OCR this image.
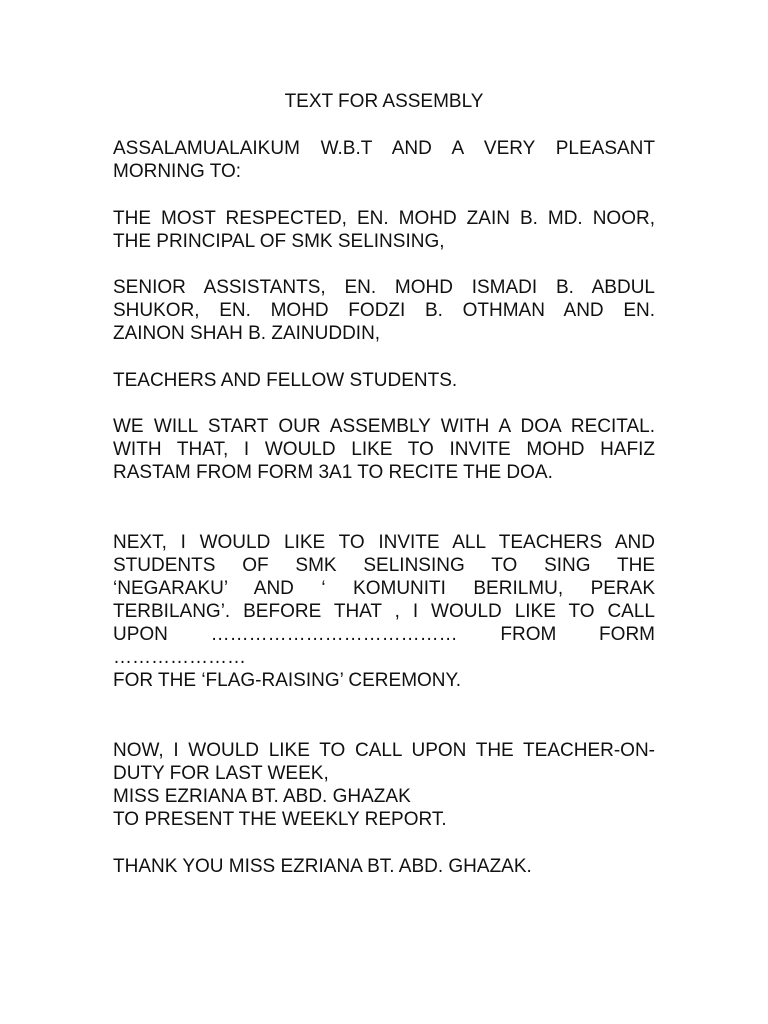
TEXT FOR ASSEMBLY
ASSALAMUALAIKUM W.B.T AND A VERY PLEASANT
MORNING TO:
THE MOST RESPECTED, EN. MOHD ZAIN B. MD. NOOR,
THE PRINCIPAL OF SMK SELINSING,
SENIOR ASSISTANTS, EN. MOHD ISMADI B. ABDUL
SHUKOR, EN. MOHD FODZI B. OTHMAN AND EN.
ZAINON SHAH B. ZAINUDDIN,
TEACHERS AND FELLOW STUDENTS.
WE WILL START OUR ASSEMBLY WITH A DOA RECITAL.
WITH THAT, I WOULD LIKE TO INVITE MOHD HAFIZ
RASTAM FROM FORM 3A1 TO RECITE THE DOA.
NEXT, I WOULD LIKE TO INVITE ALL TEACHERS AND
STUDENTS OF SMK SELINSING TO SING THE
‘NEGARAKU’ AND ‘ KOMUNITI BERILMU, PERAK
TERBILANG’. BEFORE THAT , I WOULD LIKE TO CALL
UPON ………………………………… FROM FORM
…………………
FOR THE ‘FLAG-RAISING’ CEREMONY.
NOW, I WOULD LIKE TO CALL UPON THE TEACHER-ON-
DUTY FOR LAST WEEK,
MISS EZRIANA BT. ABD. GHAZAK
TO PRESENT THE WEEKLY REPORT.
THANK YOU MISS EZRIANA BT. ABD. GHAZAK.
